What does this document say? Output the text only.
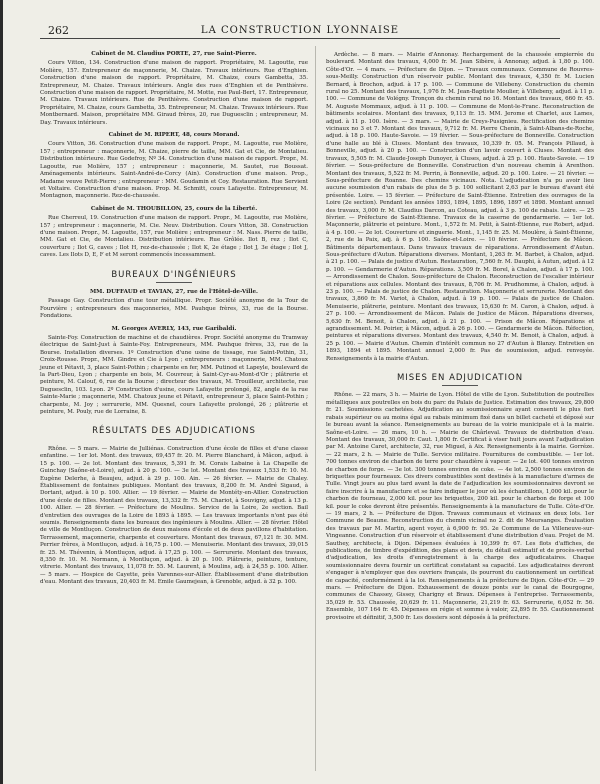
262	LA CONSTRUCTION LYONNAISE
Cabinet de M. Claudius PORTE, 27, rue Saint-Pierre.

Cours Vitton, 134. Construction d'une maison de rapport. Propriétaire, M. Lagoutte, rue Molière, 157. Entrepreneur de maçonnerie, M. Chaize. Travaux intérieurs. Rue d'Enghien. Construction d'une maison de rapport. Propriétaire, M. Chaize, cours Gambetta, 35. Entrepreneur, M. Chaize. Travaux intérieurs. Angle des rues d'Enghien et de Penthièvre. Construction d'une maison de rapport. Propriétaire, M. Motte, rue Paul-Bert, 17. Entrepreneur, M. Chaize. Travaux intérieurs. Rue de Penthièvre. Construction d'une maison de rapport. Propriétaire, M. Chaize, cours Gambetta, 35. Entrepreneur, M. Chaize. Travaux intérieurs. Rue Montbernard. Maison, propriétaire MM. Giraud frères, 20, rue Duguesclin ; entrepreneur, M. Day. Travaux intérieurs.

Cabinet de M. RIPERT, 48, cours Morand.

Cours Vitton, 36. Construction d'une maison de rapport. Propr., M. Lagoutte, rue Molière, 157 ; entrepreneur : maçonnerie, M. Chaize, pierre de taille, MM. Gat et Cie, de Montalieu. Distribution intérieure. Rue Godefroy, Nº 34. Construction d'une maison de rapport. Propr., M. Lagoutte, rue Molière, 157 ; entrepreneur : maçonnerie, M. Sautet, rue Boussat. Aménagements intérieurs. Saint-André-de-Corcy (Ain). Construction d'une maison. Prop., Madame veuve Petit-Pierre ; entrepreneur : MM. Goudamin et Coy. Restauration. Rue Servient et Voltaire. Construction d'une maison. Prop. M. Schmitt, cours Lafayette. Entrepreneur, M. Montagnon, maçonnerie. Rez-de-chaussée.

Cabinet de M. THOUBILLON, 25, cours de la Liberté.

Rue Cherreul, 19. Construction d'une maison de rapport. Propr., M. Lagoutte, rue Molière, 157 ; entrepreneur : maçonnerie, M. Cie. Neuv. Distribution. Cours Vitton, 38. Construction d'une maison. Propr., M. Lagoutte, 157, rue Molière ; entrepreneur : M. Nass. Pierre de taille, MM. Gat et Cie, de Montalieu. Distribution intérieure. Rue Grôlée. Ilot B, rez ; Ilot C, couverture ; Ilot G, caves ; Ilot H, rez-de-chaussée ; Ilot K, 2e étage ; Ilot J, 3e étage ; Ilot J, caves. Les Ilots D, E, F et M seront commencés incessamment.

BUREAUX D'INGÉNIEURS
MM. DUFFAUD et TAVIAN, 27, rue de l'Hôtel-de-Ville.

Passage Gay. Construction d'une tour métallique. Propr. Société anonyme de la Tour de Fourvière ; entrepreneurs des maçonneries, MM. Pauhque frères, 33, rue de la Bourse. Fondations.

M. Georges AVERLY, 143, rue Garibaldi.

Sainte-Foy. Construction de machine et de chaudières. Propr. Société anonyme du Tramway électrique de Saint-Just à Sainte-Foy. Entrepreneurs, MM. Pauhque frères, 33, rue de la Bourse. Installation diverses. 1º Construction d'une usine de tissage, rue Saint-Pothin, 31, Croix-Rousse. Propr., MM. Gindre et Cie à Lyon ; entrepreneurs : maçonnerie, MM. Chatoux jeune et Pétavit, 3, place Saint-Pothin ; charpente en fer, MM. Putinod et Lapeyle, boulevard de la Part-Dieu, Lyon ; charpente en bois, M. Couvreur, à Saint-Cyr-au-Mont-d'Or ; plâtrerie et peinture, M. Calouf, 6, rue de la Bourse ; directeur des travaux, M. Trouilleur, architecte, rue Duguesclin, 103. Lyon. 2º Construction d'usine, cours Lafayette prolongé, 82, angle de la rue Sainte-Marie ; maçonnerie, MM. Chatoux jeune et Pétavit, entrepreneur 3, place Saint-Pothin ; charpente, M. Joy ; serrurerie, MM. Quesnel, cours Lafayette prolongé, 26 ; plâtrerie et peinture, M. Pouly, rue de Lorraine, 8.

RÉSULTATS DES ADJUDICATIONS

Rhône. — 5 mars. — Mairie de Julliénas. Construction d'une école de filles et d'une classe enfantine. — 1er lot. Mont. des travaux, 69,457 fr. 20. M. Pierre Blanchard, à Mâcon, adjud. à 15 p. 100. — 2e lot. Montant des travaux, 5,391 fr. M. Corais Labaine à La Chapelle de Guinchay (Saône-et-Loire), adjud. à 20 p. 100. — 3e lot. Montant des travaux 1,533 fr. 10. M. Eugène Delerhe, à Beaujeu, adjud. à 29 p. 100. Ain. — 26 février. — Mairie de Chaley. Établissement de fontaines publiques. Montant des travaux, 8,200 fr. M. André Sigaud, à Dortant, adjud. à 10 p. 100. Allier. — 19 février. — Mairie de Montéty-en-Allier. Construction d'une école de filles. Montant des travaux, 13,332 fr. 75. M. Chariot, à Souvigny, adjud. à 13 p. 100. Allier. — 28 février. — Préfecture de Moulins. Service de la Loire, 2e section. Bail d'entretien des ouvrages de la Loire de 1893 à 1895. — Les travaux importants n'ont pas été soumis. Renseignements dans les bureaux des ingénieurs à Moulins. Allier. — 28 février. Hôtel de ville de Montluçon. Construction de deux maisons d'école et de deux pavillons d'habitation. Terrassement, maçonnerie, charpente et couverture. Montant des travaux, 67,121 fr. 30. MM. Perrier frères, à Montluçon, adjud. à 16,75 p. 100. — Menuiserie. Montant des travaux, 39,015 fr. 25. M. Thévenin, à Montluçon, adjud. à 17,25 p. 100. — Serrurerie. Montant des travaux, 8,350 fr. 10. M. Normann, à Montluçon, adjud. à 20 p. 100. Plâtrerie, peinture, tenture, vitrerie. Montant des travaux, 11,078 fr. 55. M. Laurent, à Moulins, adj. à 24,55 p. 100. Allier. — 5 mars. — Hospice de Cayette, près Varennes-sur-Allier. Établissement d'une distribution d'eau. Montant des travaux, 20,403 fr. M. Emile Gaumejean, à Grenoble, adjud. à 32 p. 100.

Ardèche. — 8 mars. — Mairie d'Annonay. Rechargement de la chaussée empierrée du boulevard. Montant des travaux, 4,000 fr. M. Jean Sibère, à Annonay, adjud. à 1,80 p. 100. Côte-d'Or. — 4 mars. — Préfecture de Dijon. — Travaux communaux. Commune de Rouvres-sous-Meilly. Construction d'un réservoir public. Montant des travaux, 4,350 fr. M. Lucien Bernard, à Brochon, adjud. à 17 p. 100. — Commune de Villebeny. Construction du chemin rural no 25. Montant des travaux, 1,976 fr. M. Jean-Baptiste Moulier, à Villebeny, adjud. à 11 p. 100. — Commune de Volégny. Tronçon du chemin rural no 16. Montant des travaux, 660 fr. 45. M. Auguste Mommaux, adjud. à 11 p. 100. — Commune de Mont-le-Franc. Reconstruction de bâtiments scolaires. Montant des travaux, 9,113 fr. 15. MM. Jerome et Charlet, aux Lames, adjud. à 11 p. 100. Isère. — 3 mars. — Mairie de Creys-Pusignieu. Rectification des chemins vicinaux no 3 et 7. Montant des travaux, 9,712 fr. M. Pierre Chenin, à Saint-Albans-de-Roche, adjud. à 18 p. 100. Haute-Savoie. — 19 février. — Sous-préfecture de Bonneville. Construction d'une halle au blé à Cluses. Montant des travaux, 10,339 fr. 05. M. François Pillaud, à Bonneville, adjud. à 20 p. 100. — Construction d'un lavoir couvert à Cluses. Montant des travaux, 5,505 fr. M. Claude-Joseph Dunoyer, à Cluses, adjud. à 25 p. 100. Haute-Savoie. — 19 février. — Sous-préfecture de Bonneville. Construction d'un nouveau chemin à Arenthon. Montant des travaux, 5,522 fr. M. Perrin, à Bonneville, adjud. 20 p. 100. Loire. — 21 février. — Sous-préfecture de Roanne. Des chemins vicinaux. Nota. L'adjudication n'a pu avoir lieu aucune soumission d'un rabais de plus de 5 p. 100 sollicitant 2,63 par le bureau d'avant été présentée. Loire. — 15 février. — Préfecture de Saint-Étienne. Entretien des ouvrages de la Loire (2e section). Pendant les années 1893, 1894, 1895, 1896, 1897 et 1898. Montant annuel des travaux, 3,000 fr. M. Claudius Darcon, au Coteau, adjud. à 3 p. 100 de rabais. Loire. — 25 février. — Préfecture de Saint-Étienne. Travaux de la caserne de gendarmerie. — 1er lot. Maçonnerie, plâtrerie et peinture. Mont., 1,572 fr. M. Petit, à Saint-Étienne, rue Robert, adjud. à 4 p. 100. — 2e lot. Couverture et zinguerie. Mont., 1,145 fr. 25. M. Moulère, à Saint-Étienne, 2, rue de la Paix, adj. à 6 p. 100. Saône-et-Loire. — 10 février. — Préfecture de Mâcon. Bâtiments départementaux. Dans travaux travaux de réparations. Arrondissement d'Autun. Sous-préfecture d'Autun. Réparations diverses. Montant, 1,263 fr. M. Barbet, à Chalon, adjud. à 21 p. 100. — Palais de justice d'Autun. Restauration, 7,560 fr. M. Dauphi, à Autun, adjud. à 12 p. 100. — Gendarmerie d'Autun. Réparations. 3,509 fr. M. Borel, à Chalon, adjud. à 17 p. 100. — Arrondissement de Chalon. Sous-préfecture de Chalon. Reconstruction de l'escalier intérieur et réparations aux cellules. Montant des travaux, 8,706 fr. M. Prudhomme, à Chalon, adjud. à 23 p. 100. — Palais de justice de Chalon. Restauration. Maçonnerie et serrurerie. Montant des travaux, 3,860 fr. M. Variot, à Chalon, adjud. à 19 p. 100. — Palais de justice de Chalon. Menuiserie, plâtrerie, peinture. Montant des travaux, 15,630 fr. M. Caron, à Chalon, adjud. à 27 p. 100. — Arrondissement de Mâcon. Palais de Justice de Mâcon. Réparations diverses, 5,630 fr. M. Benoit, à Chalon, adjud. à 21 p. 100. — Prison de Mâcon. Réparations et agrandissement. M. Poirier, à Mâcon, adjud. à 26 p. 100. — Gendarmerie de Mâcon. Réfection, peintures et réparations diverses. Montant des travaux, 4,540 fr. M. Benoit, à Chalon, adjud. à 25 p. 100. — Mairie d'Autun. Chemin d'intérêt commun no 27 d'Autun à Blanzy. Entretien en 1893, 1894 et 1895. Montant annuel 2,000 fr. Pas de soumission, adjud. renvoyée. Renseignements à la mairie d'Autun.

MISES EN ADJUDICATION

Rhône. — 22 mars, 3 h. — Mairie de Lyon. Hôtel de ville de Lyon. Substitution de poutrelles métalliques aux poutrelles en bois du parc du Palais de Justice. Estimation des travaux, 29,800 fr. 21. Soumissions cachetées. Adjudication au soumissionnaire ayant consenti le plus fort rabais supérieur ou au moins égal au rabais minimum fixé dans un billet cacheté et déposé sur le bureau avant la séance. Renseignements au bureau de la voirie municipale et à la mairie. Saône-et-Loire. — 26 mars, 10 h. — Mairie de Chârleval. Travaux de distribution d'eau. Montant des travaux, 30,000 fr. Caut. 1,800 fr. Certificat à viser huit jours avant l'adjudication par M. Antoine Caret, architecte, 32, rue Miguel, à Aix. Renseignements à la mairie. Gorréze. — 22 mars, 2 h. — Mairie de Tulle. Service militaire. Fournitures de combustible. — 1er lot. 700 tonnes environ de charbon de terre pour chaudière à vapeur. — 2e lot. 400 tonnes environ de charbon de forge. — 3e lot. 300 tonnes environ de coke. — 4e lot. 2,500 tonnes environ de briquettes pour fourneaux. Ces divers combustibles sont destinés à la manufacture d'armes de Tulle. Vingt jours au plus tard avant la date de l'adjudication les soumissionnaires devront se faire inscrire à la manufacture et se faire indiquer le jour où les échantillons, 1,000 kil. pour le charbon de fourneau, 2,000 kil. pour les briquettes, 200 kil. pour le charbon de forge et 100 kil. pour le coke devront être présentés. Renseignements à la manufacture de Tulle. Côte-d'Or. — 19 mars, 2 h. — Préfecture de Dijon. Travaux communaux et vicinaux en deux lots. 1er Commune de Beaune. Reconstruction du chemin vicinal no 2. dit de Meursanges. Évaluation des travaux par M. Martin, agent voyer, à 6,900 fr. 95. 2e Commune de La Villeneuve-sur-Vingeanne. Construction d'un réservoir et établissement d'une distribution d'eau. Projet de M. Sauthey, architecte, à Dijon. Dépenses évaluées à 10,399 fr. 67. Les flots d'affiches, de publications, de timbre d'expédition, des plans et devis, du détail estimatif et de procès-verbal d'adjudication, les droits d'enregistrement à la charge des adjudicataires. Chaque soumissionnaire devra fournir un certificat constatant sa capacité. Les adjudicataires devront s'engager à n'employer que des ouvriers français, ils pourront du cautionnement un certificat de capacité, conformément à la loi. Renseignements à la préfecture de Dijon. Côte-d'Or. — 29 mars. — Préfecture de Dijon. Exhaussement de douze ponts sur le canal de Bourgogne, communes de Chassey, Gissey, Charigny et Braux. Dépenses à l'entreprise. Terrassements, 35,029 fr. 53. Chaussée, 20,629 fr. 11. Maçonnerie, 21,219 fr. 63. Serrurerie, 6,052 fr. 56. Ensemble, 107 164 fr. 45. Dépenses en régie et somme à valoir, 22,895 fr. 55. Cautionnement provisoire et définitif, 3,500 fr. Les dossiers sont déposés à la préfecture.
